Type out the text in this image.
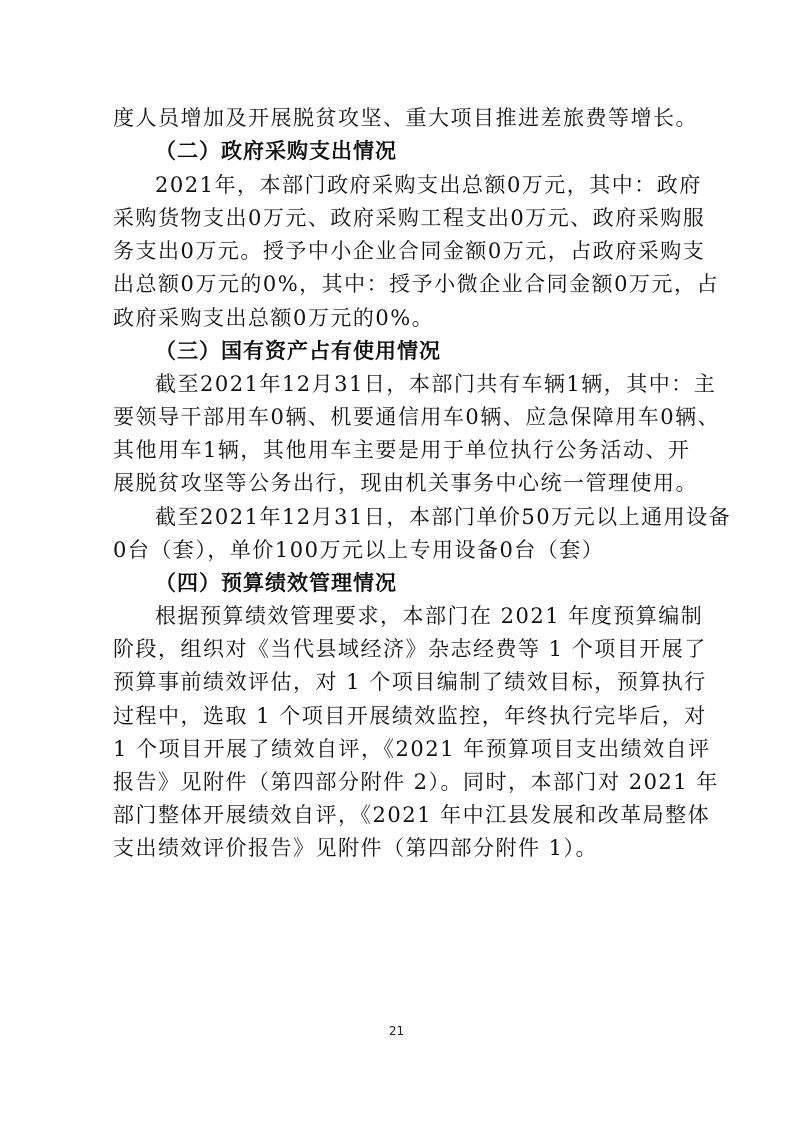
度人员增加及开展脱贫攻坚、重大项目推进差旅费等增长。
（二）政府采购支出情况
2021年，本部门政府采购支出总额0万元，其中：政府
采购货物支出0万元、政府采购工程支出0万元、政府采购服
务支出0万元。授予中小企业合同金额0万元，占政府采购支
出总额0万元的0%，其中：授予小微企业合同金额0万元，占
政府采购支出总额0万元的0%。
（三）国有资产占有使用情况
截至2021年12月31日，本部门共有车辆1辆，其中：主
要领导干部用车0辆、机要通信用车0辆、应急保障用车0辆、
其他用车1辆，其他用车主要是用于单位执行公务活动、开
展脱贫攻坚等公务出行，现由机关事务中心统一管理使用。
截至2021年12月31日，本部门单价50万元以上通用设备
0台（套），单价100万元以上专用设备0台（套）
（四）预算绩效管理情况
根据预算绩效管理要求，本部门在 2021 年度预算编制
阶段，组织对《当代县域经济》杂志经费等 1 个项目开展了
预算事前绩效评估，对 1 个项目编制了绩效目标，预算执行
过程中，选取 1 个项目开展绩效监控，年终执行完毕后，对
1 个项目开展了绩效自评，《2021 年预算项目支出绩效自评
报告》见附件（第四部分附件 2）。同时，本部门对 2021 年
部门整体开展绩效自评，《2021 年中江县发展和改革局整体
支出绩效评价报告》见附件（第四部分附件 1）。
21
